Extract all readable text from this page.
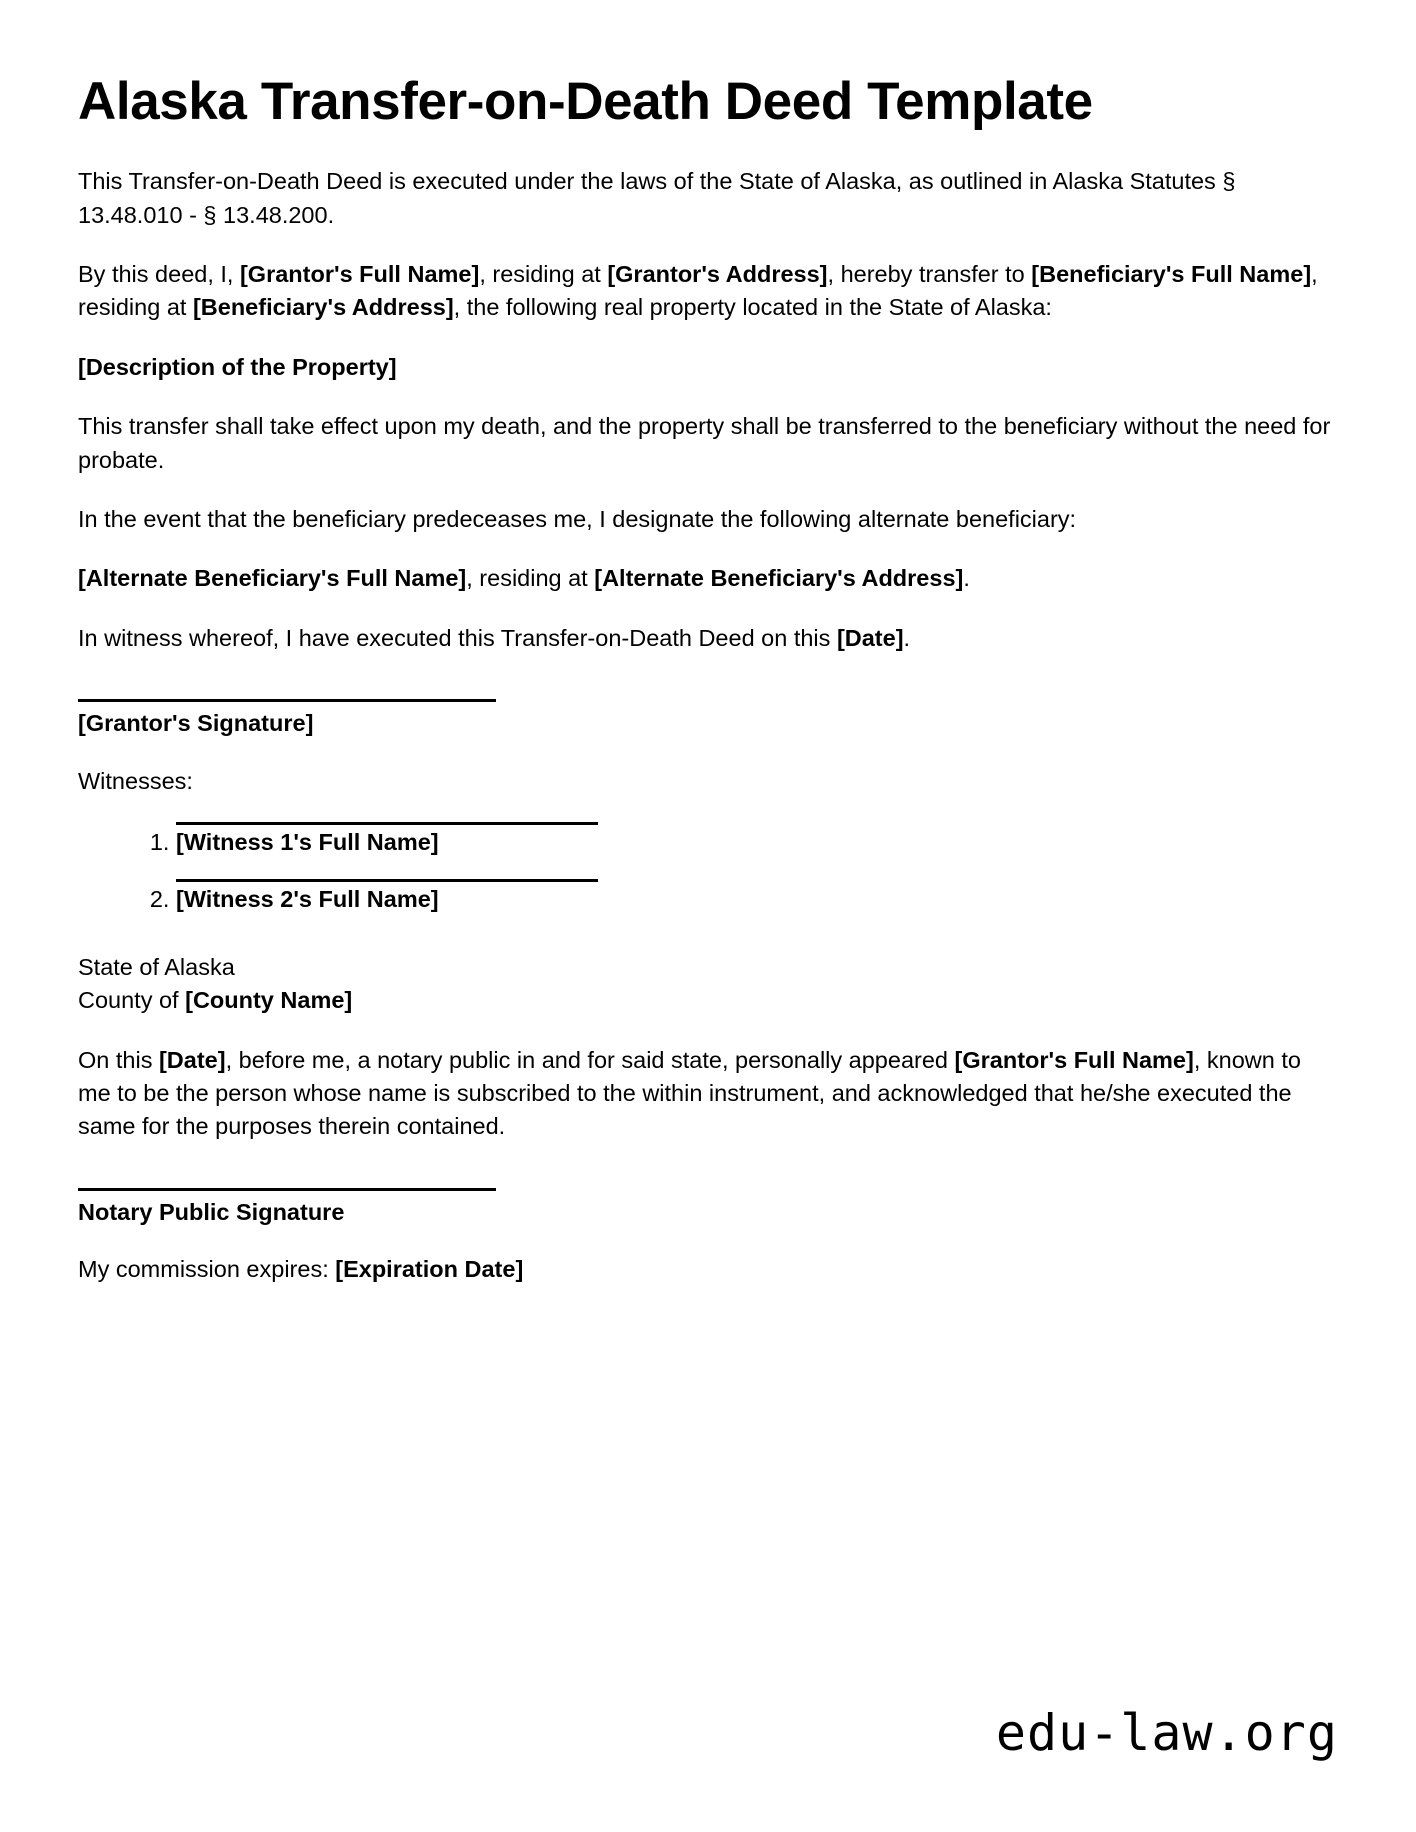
Alaska Transfer-on-Death Deed Template

This Transfer-on-Death Deed is executed under the laws of the State of Alaska, as outlined in Alaska Statutes § 13.48.010 - § 13.48.200.

By this deed, I, [Grantor's Full Name], residing at [Grantor's Address], hereby transfer to [Beneficiary's Full Name], residing at [Beneficiary's Address], the following real property located in the State of Alaska:

[Description of the Property]

This transfer shall take effect upon my death, and the property shall be transferred to the beneficiary without the need for probate.

In the event that the beneficiary predeceases me, I designate the following alternate beneficiary:

[Alternate Beneficiary's Full Name], residing at [Alternate Beneficiary's Address].

In witness whereof, I have executed this Transfer-on-Death Deed on this [Date].

[Grantor's Signature]

Witnesses:

1. [Witness 1's Full Name]
2. [Witness 2's Full Name]

State of Alaska
County of [County Name]

On this [Date], before me, a notary public in and for said state, personally appeared [Grantor's Full Name], known to me to be the person whose name is subscribed to the within instrument, and acknowledged that he/she executed the same for the purposes therein contained.

Notary Public Signature

My commission expires: [Expiration Date]

edu-law.org
